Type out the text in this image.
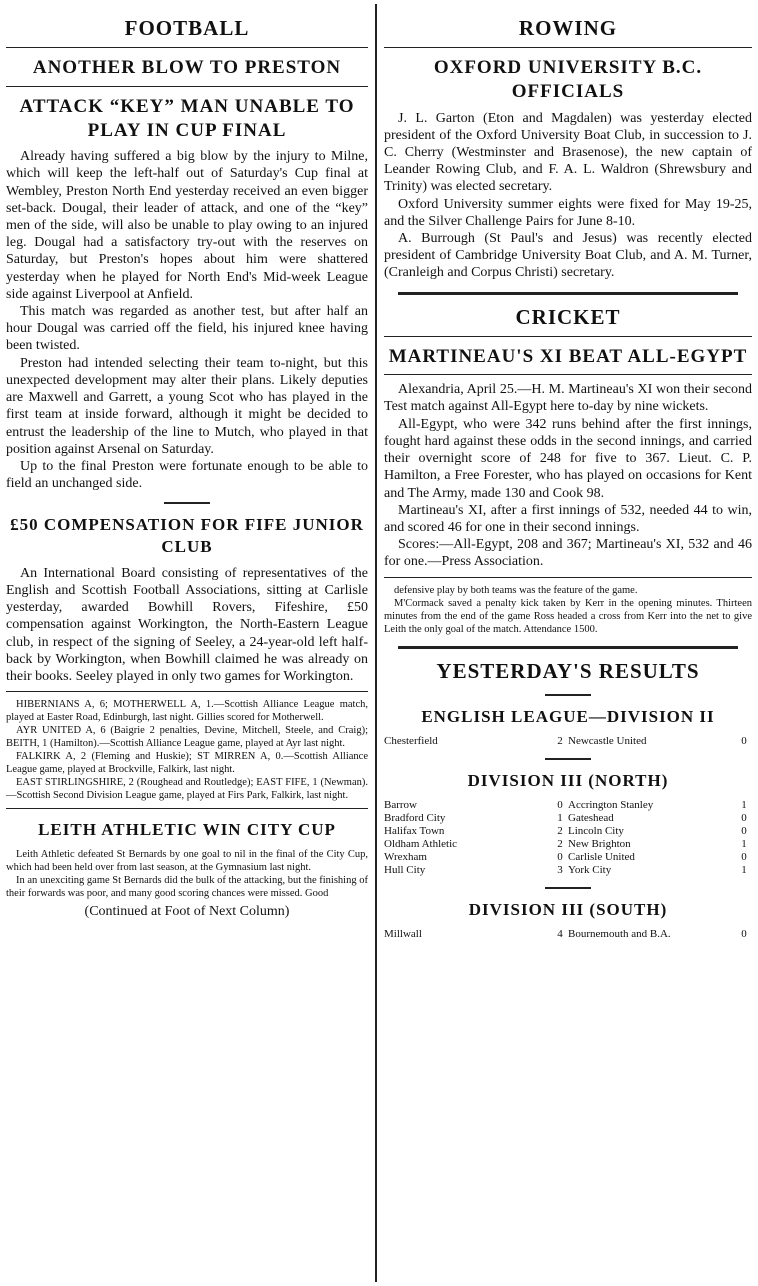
FOOTBALL
ANOTHER BLOW TO PRESTON
ATTACK “KEY” MAN UNABLE TO PLAY IN CUP FINAL

Already having suffered a big blow by the injury to Milne, which will keep the left-half out of Saturday's Cup final at Wembley, Preston North End yesterday received an even bigger set-back. Dougal, their leader of attack, and one of the “key” men of the side, will also be unable to play owing to an injured leg. Dougal had a satisfactory try-out with the reserves on Saturday, but Preston's hopes about him were shattered yesterday when he played for North End's Mid-week League side against Liverpool at Anfield.

This match was regarded as another test, but after half an hour Dougal was carried off the field, his injured knee having been twisted.

Preston had intended selecting their team to-night, but this unexpected development may alter their plans. Likely deputies are Maxwell and Garrett, a young Scot who has played in the first team at inside forward, although it might be decided to entrust the leadership of the line to Mutch, who played in that position against Arsenal on Saturday.

Up to the final Preston were fortunate enough to be able to field an unchanged side.

£50 COMPENSATION FOR FIFE JUNIOR CLUB

An International Board consisting of representatives of the English and Scottish Football Associations, sitting at Carlisle yesterday, awarded Bowhill Rovers, Fifeshire, £50 compensation against Workington, the North-Eastern League club, in respect of the signing of Seeley, a 24-year-old left half-back by Workington, when Bowhill claimed he was already on their books. Seeley played in only two games for Workington.

HIBERNIANS A, 6; MOTHERWELL A, 1.—Scottish Alliance League match, played at Easter Road, Edinburgh, last night. Gillies scored for Motherwell.

AYR UNITED A, 6 (Baigrie 2 penalties, Devine, Mitchell, Steele, and Craig); BEITH, 1 (Hamilton).—Scottish Alliance League game, played at Ayr last night.

FALKIRK A, 2 (Fleming and Huskie); ST MIRREN A, 0.—Scottish Alliance League game, played at Brockville, Falkirk, last night.

EAST STIRLINGSHIRE, 2 (Roughead and Routledge); EAST FIFE, 1 (Newman).—Scottish Second Division League game, played at Firs Park, Falkirk, last night.

LEITH ATHLETIC WIN CITY CUP

Leith Athletic defeated St Bernards by one goal to nil in the final of the City Cup, which had been held over from last season, at the Gymnasium last night.

In an unexciting game St Bernards did the bulk of the attacking, but the finishing of their forwards was poor, and many good scoring chances were missed. Good

(Continued at Foot of Next Column)
ROWING
OXFORD UNIVERSITY B.C. OFFICIALS

J. L. Garton (Eton and Magdalen) was yesterday elected president of the Oxford University Boat Club, in succession to J. C. Cherry (Westminster and Brasenose), the new captain of Leander Rowing Club, and F. A. L. Waldron (Shrewsbury and Trinity) was elected secretary.

Oxford University summer eights were fixed for May 19-25, and the Silver Challenge Pairs for June 8-10.

A. Burrough (St Paul's and Jesus) was recently elected president of Cambridge University Boat Club, and A. M. Turner, (Cranleigh and Corpus Christi) secretary.

CRICKET
MARTINEAU'S XI BEAT ALL-EGYPT

Alexandria, April 25.—H. M. Martineau's XI won their second Test match against All-Egypt here to-day by nine wickets.

All-Egypt, who were 342 runs behind after the first innings, fought hard against these odds in the second innings, and carried their overnight score of 248 for five to 367. Lieut. C. P. Hamilton, a Free Forester, who has played on occasions for Kent and The Army, made 130 and Cook 98.

Martineau's XI, after a first innings of 532, needed 44 to win, and scored 46 for one in their second innings.

Scores:—All-Egypt, 208 and 367; Martineau's XI, 532 and 46 for one.—Press Association.

defensive play by both teams was the feature of the game.

M'Cormack saved a penalty kick taken by Kerr in the opening minutes. Thirteen minutes from the end of the game Ross headed a cross from Kerr into the net to give Leith the only goal of the match. Attendance 1500.

YESTERDAY'S RESULTS
ENGLISH LEAGUE—DIVISION II
Chesterfield	2 Newcastle United	0
DIVISION III (NORTH)
Barrow	0 Accrington Stanley	1
Bradford City	1 Gateshead	0
Halifax Town	2 Lincoln City	0
Oldham Athletic	2 New Brighton	1
Wrexham	0 Carlisle United	0
Hull City	3 York City	1
DIVISION III (SOUTH)
Millwall	4 Bournemouth and B.A.	0
